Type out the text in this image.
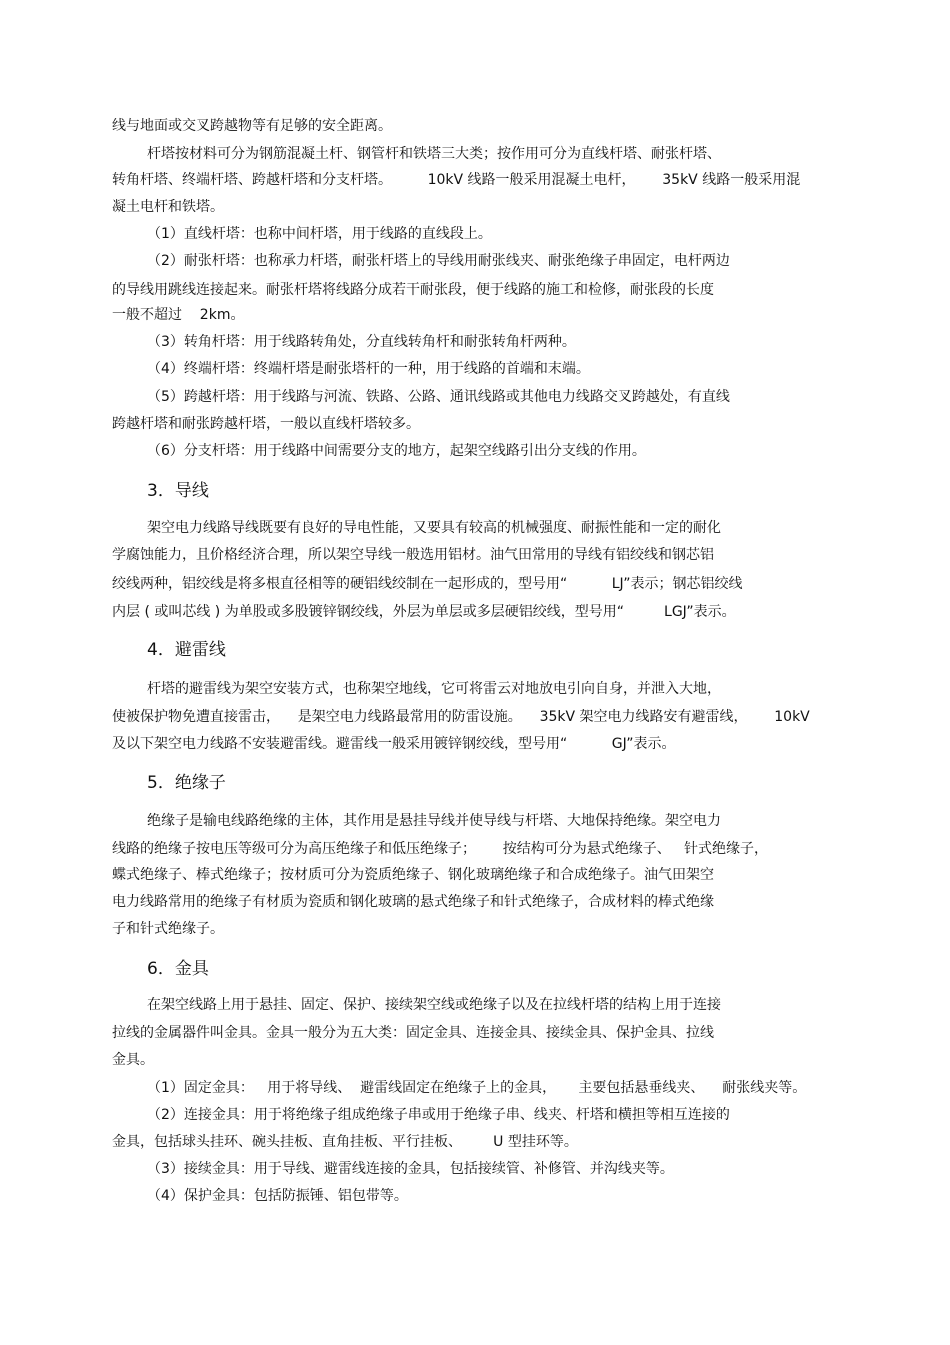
线与地面或交叉跨越物等有足够的安全距离。
杆塔按材料可分为钢筋混凝土杆、钢管杆和铁塔三大类；按作用可分为直线杆塔、耐张杆塔、
转角杆塔、终端杆塔、跨越杆塔和分支杆塔。        10kV 线路一般采用混凝土电杆，      35kV 线路一般采用混
凝土电杆和铁塔。
（1）直线杆塔：也称中间杆塔，用于线路的直线段上。
（2）耐张杆塔：也称承力杆塔，耐张杆塔上的导线用耐张线夹、耐张绝缘子串固定，电杆两边
的导线用跳线连接起来。耐张杆塔将线路分成若干耐张段，便于线路的施工和检修，耐张段的长度
一般不超过    2km。
（3）转角杆塔：用于线路转角处，分直线转角杆和耐张转角杆两种。
（4）终端杆塔：终端杆塔是耐张塔杆的一种，用于线路的首端和末端。
（5）跨越杆塔：用于线路与河流、铁路、公路、通讯线路或其他电力线路交叉跨越处，有直线
跨越杆塔和耐张跨越杆塔，一般以直线杆塔较多。
（6）分支杆塔：用于线路中间需要分支的地方，起架空线路引出分支线的作用。
3．导线
架空电力线路导线既要有良好的导电性能，又要具有较高的机械强度、耐振性能和一定的耐化
学腐蚀能力，且价格经济合理，所以架空导线一般选用铝材。油气田常用的导线有铝绞线和钢芯铝
绞线两种，铝绞线是将多根直径相等的硬铝线绞制在一起形成的，型号用“          LJ”表示；钢芯铝绞线
内层 ( 或叫芯线 ) 为单股或多股镀锌钢绞线，外层为单层或多层硬铝绞线，型号用“         LGJ”表示。
4．避雷线
杆塔的避雷线为架空安装方式，也称架空地线，它可将雷云对地放电引向自身，并泄入大地，
使被保护物免遭直接雷击，    是架空电力线路最常用的防雷设施。    35kV 架空电力线路安有避雷线，      10kV
及以下架空电力线路不安装避雷线。避雷线一般采用镀锌钢绞线，型号用“          GJ”表示。
5．绝缘子
绝缘子是输电线路绝缘的主体，其作用是悬挂导线并使导线与杆塔、大地保持绝缘。架空电力
线路的绝缘子按电压等级可分为高压绝缘子和低压绝缘子；      按结构可分为悬式绝缘子、   针式绝缘子，
蝶式绝缘子、棒式绝缘子；按材质可分为瓷质绝缘子、钢化玻璃绝缘子和合成绝缘子。油气田架空
电力线路常用的绝缘子有材质为瓷质和钢化玻璃的悬式绝缘子和针式绝缘子，合成材料的棒式绝缘
子和针式绝缘子。
6．金具
在架空线路上用于悬挂、固定、保护、接续架空线或绝缘子以及在拉线杆塔的结构上用于连接
拉线的金属器件叫金具。金具一般分为五大类：固定金具、连接金具、接续金具、保护金具、拉线
金具。
（1）固定金具：   用于将导线、  避雷线固定在绝缘子上的金具，     主要包括悬垂线夹、    耐张线夹等。
（2）连接金具：用于将绝缘子组成绝缘子串或用于绝缘子串、线夹、杆塔和横担等相互连接的
金具，包括球头挂环、碗头挂板、直角挂板、平行挂板、       U 型挂环等。
（3）接续金具：用于导线、避雷线连接的金具，包括接续管、补修管、并沟线夹等。
（4）保护金具：包括防振锤、铝包带等。
